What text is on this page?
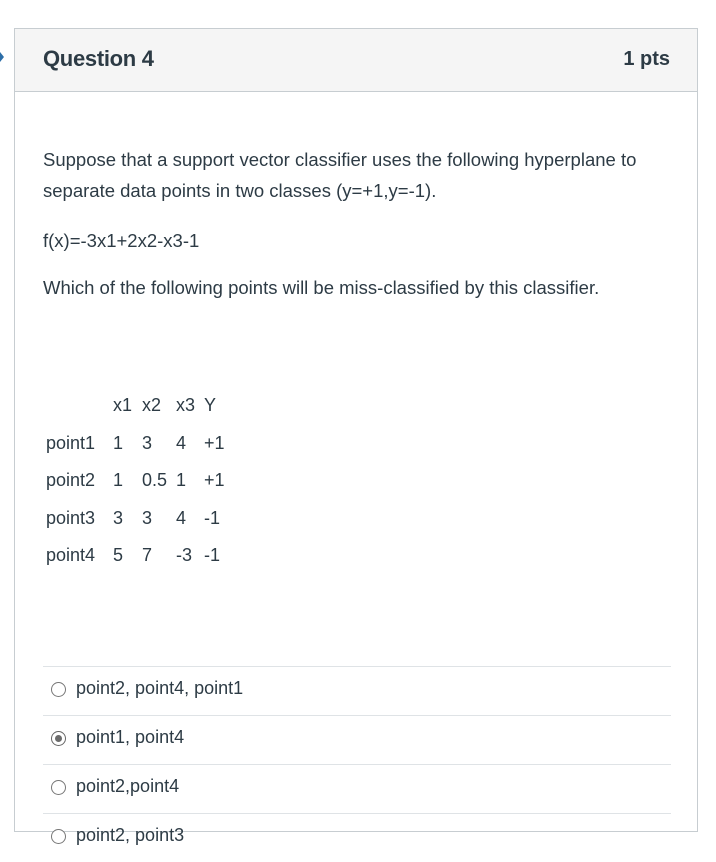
Question 4	1 pts

Suppose that a support vector classifier uses the following hyperplane to separate data points in two classes (y=+1,y=-1).

f(x)=-3x1+2x2-x3-1

Which of the following points will be miss-classified by this classifier.

	x1	x2	x3	Y
point1	1	3	4	+1
point2	1	0.5	1	+1
point3	3	3	4	-1
point4	5	7	-3	-1
point2, point4, point1
point1, point4
point2,point4
point2, point3
